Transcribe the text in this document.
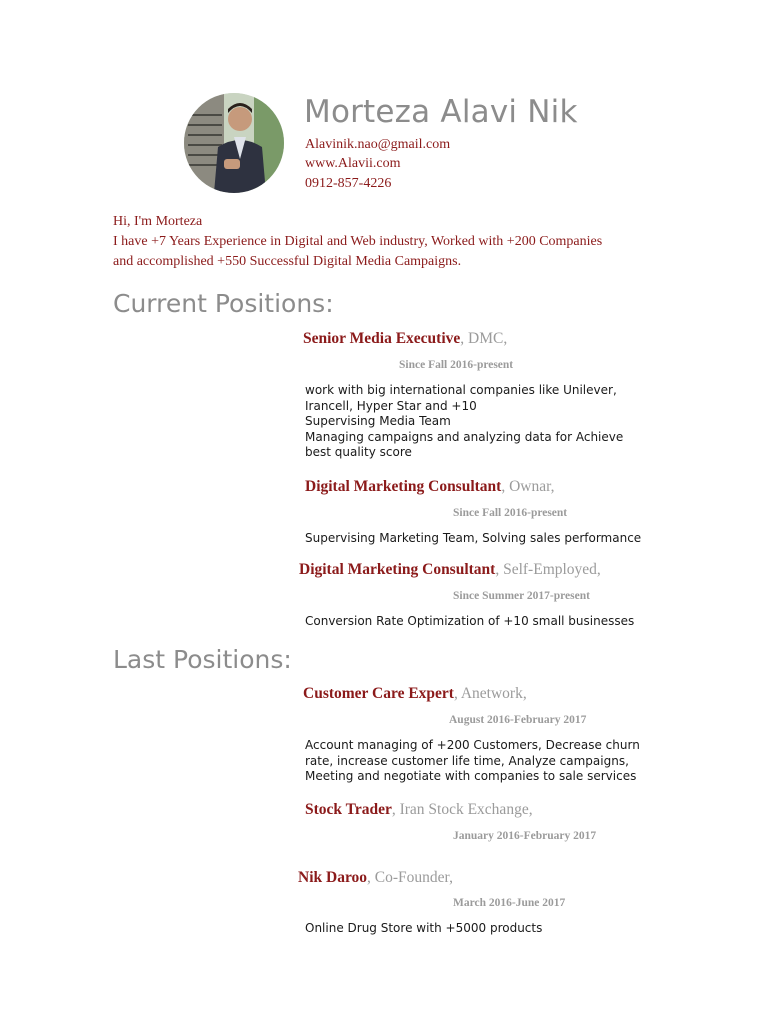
Morteza Alavi Nik
Alavinik.nao@gmail.com
www.Alavii.com
0912-857-4226
Hi, I'm Morteza
I have +7 Years Experience in Digital and Web industry, Worked with +200 Companies
and accomplished +550 Successful Digital Media Campaigns.
Current Positions:
Senior Media Executive, DMC,
Since Fall 2016-present
work with big international companies like Unilever,
Irancell, Hyper Star and +10
Supervising Media Team
Managing campaigns and analyzing data for Achieve
best quality score
Digital Marketing Consultant, Ownar,
Since Fall 2016-present
Supervising Marketing Team, Solving sales performance
Digital Marketing Consultant, Self-Employed,
Since Summer 2017-present
Conversion Rate Optimization of +10 small businesses
Last Positions:
Customer Care Expert, Anetwork,
August 2016-February 2017
Account managing of +200 Customers, Decrease churn
rate, increase customer life time, Analyze campaigns,
Meeting and negotiate with companies to sale services
Stock Trader, Iran Stock Exchange,
January 2016-February 2017
Nik Daroo, Co-Founder,
March 2016-June 2017
Online Drug Store with +5000 products
